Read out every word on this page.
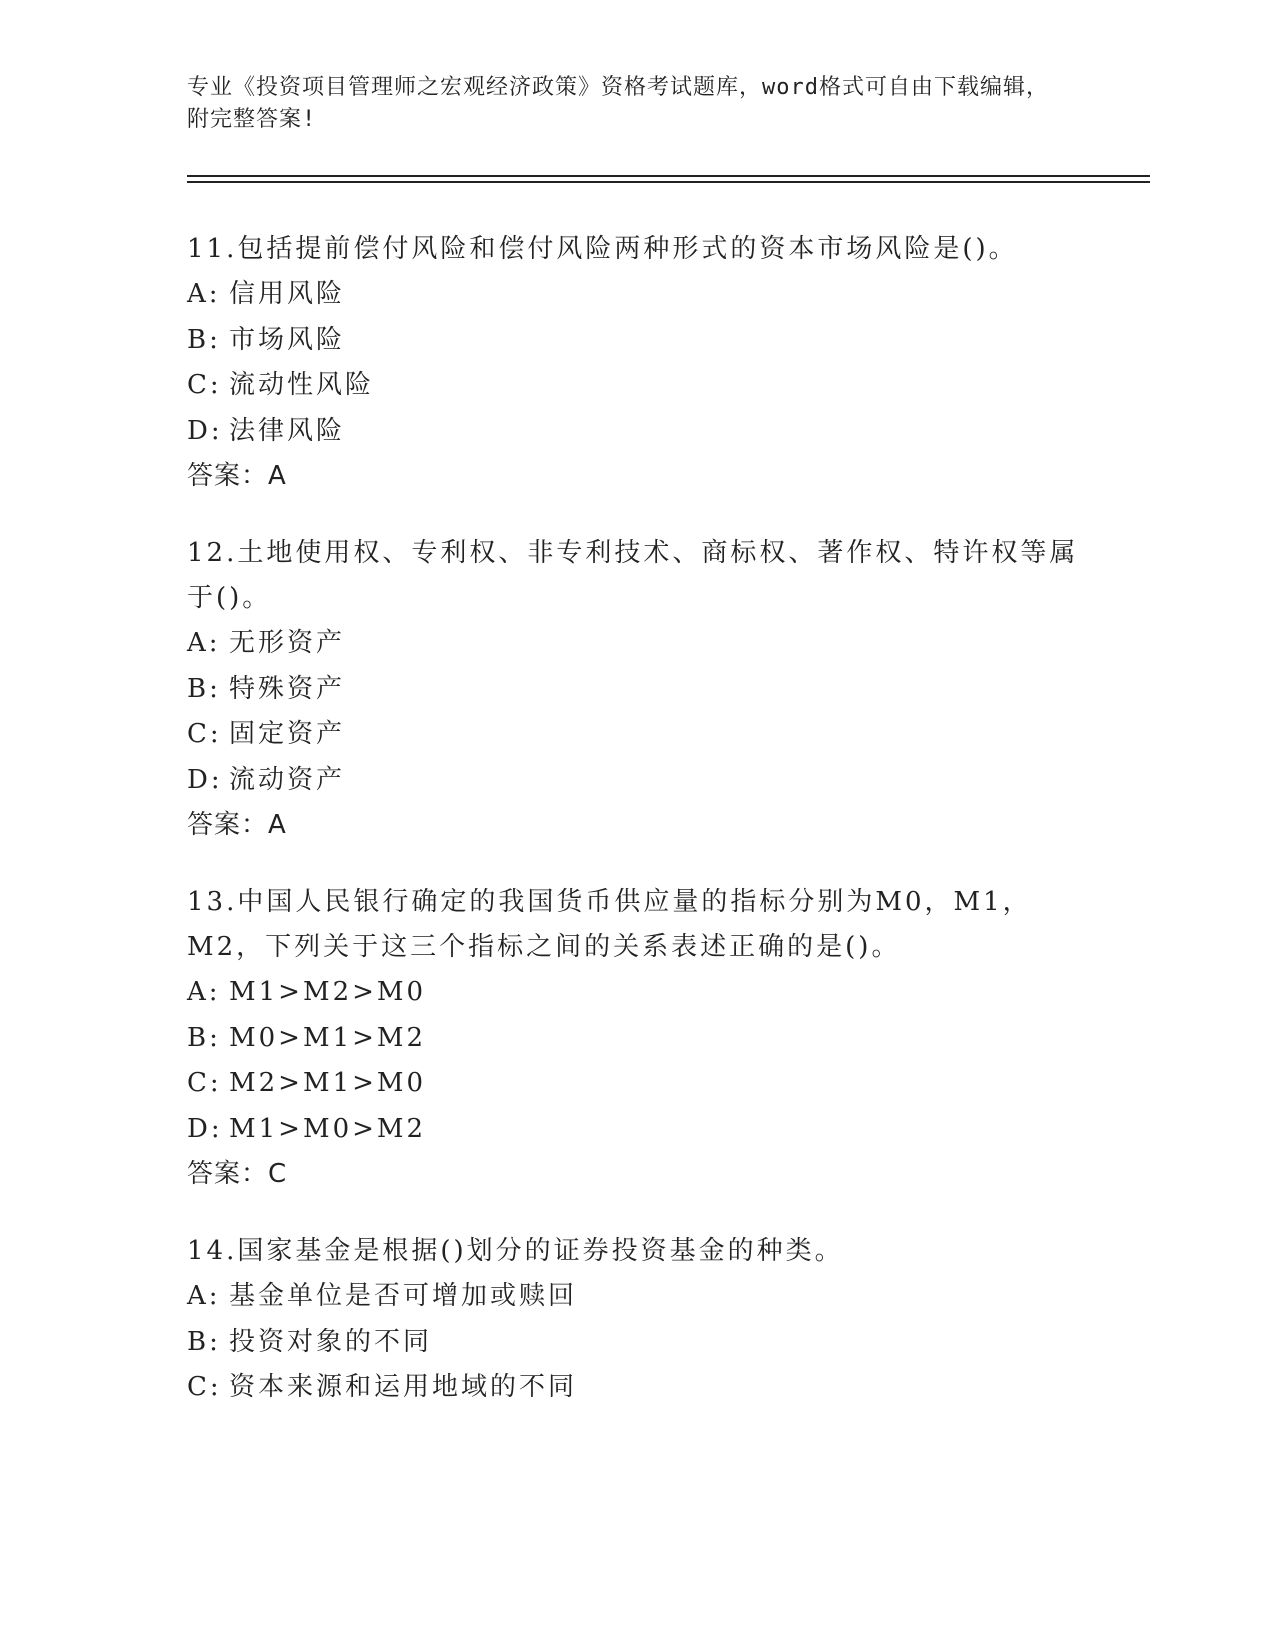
专业《投资项目管理师之宏观经济政策》资格考试题库，word格式可自由下载编辑，附完整答案!
11.包括提前偿付风险和偿付风险两种形式的资本市场风险是()。
A: 信用风险
B: 市场风险
C: 流动性风险
D: 法律风险
答案：A
12.土地使用权、专利权、非专利技术、商标权、著作权、特许权等属于()。
A: 无形资产
B: 特殊资产
C: 固定资产
D: 流动资产
答案：A
13.中国人民银行确定的我国货币供应量的指标分别为M0，M1，M2，下列关于这三个指标之间的关系表述正确的是()。
A: M1>M2>M0
B: M0>M1>M2
C: M2>M1>M0
D: M1>M0>M2
答案：C
14.国家基金是根据()划分的证券投资基金的种类。
A: 基金单位是否可增加或赎回
B: 投资对象的不同
C: 资本来源和运用地域的不同
